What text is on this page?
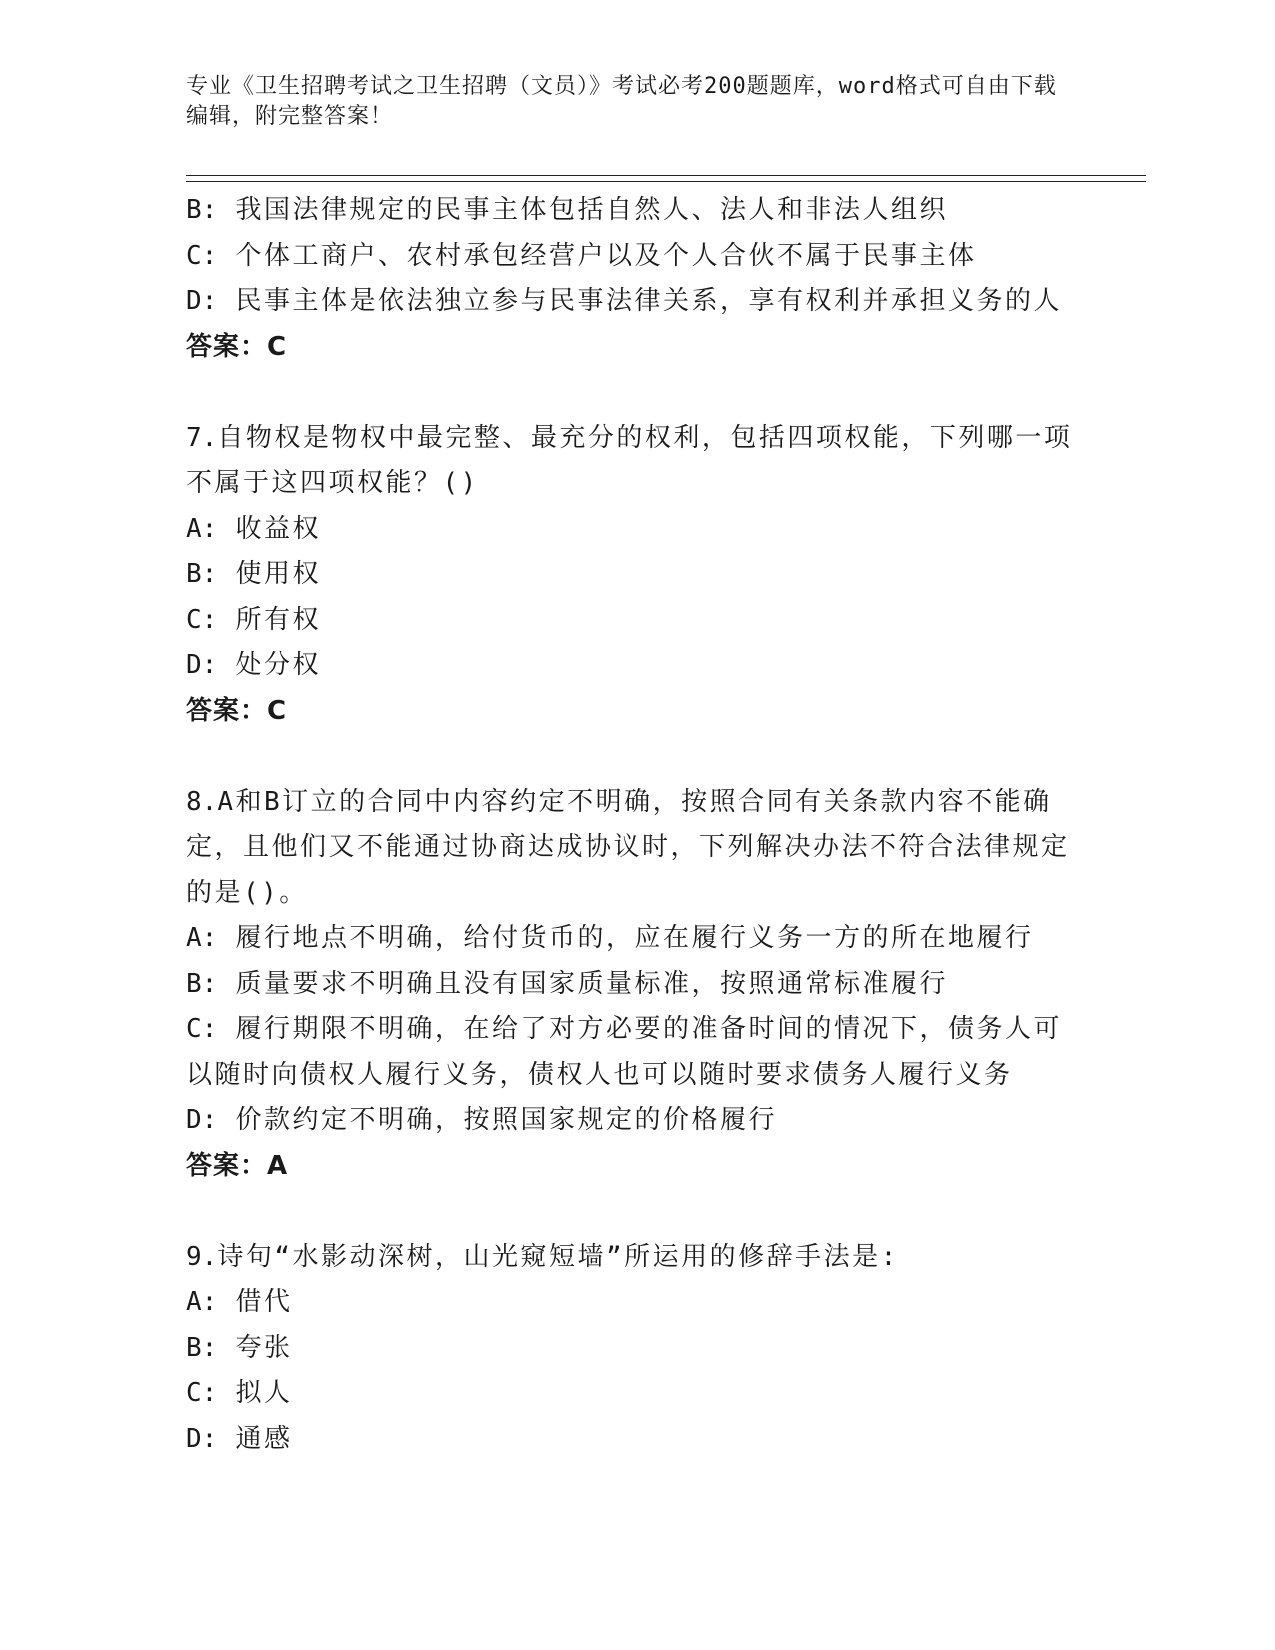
专业《卫生招聘考试之卫生招聘（文员）》考试必考200题题库，word格式可自由下载编辑，附完整答案！

B: 我国法律规定的民事主体包括自然人、法人和非法人组织
C: 个体工商户、农村承包经营户以及个人合伙不属于民事主体
D: 民事主体是依法独立参与民事法律关系，享有权利并承担义务的人
答案：C
7.自物权是物权中最完整、最充分的权利，包括四项权能，下列哪一项不属于这四项权能？()
A: 收益权
B: 使用权
C: 所有权
D: 处分权
答案：C
8.A和B订立的合同中内容约定不明确，按照合同有关条款内容不能确定，且他们又不能通过协商达成协议时，下列解决办法不符合法律规定的是()。
A: 履行地点不明确，给付货币的，应在履行义务一方的所在地履行
B: 质量要求不明确且没有国家质量标准，按照通常标准履行
C: 履行期限不明确，在给了对方必要的准备时间的情况下，债务人可以随时向债权人履行义务，债权人也可以随时要求债务人履行义务
D: 价款约定不明确，按照国家规定的价格履行
答案：A
9.诗句“水影动深树，山光窥短墙”所运用的修辞手法是:
A: 借代
B: 夸张
C: 拟人
D: 通感
